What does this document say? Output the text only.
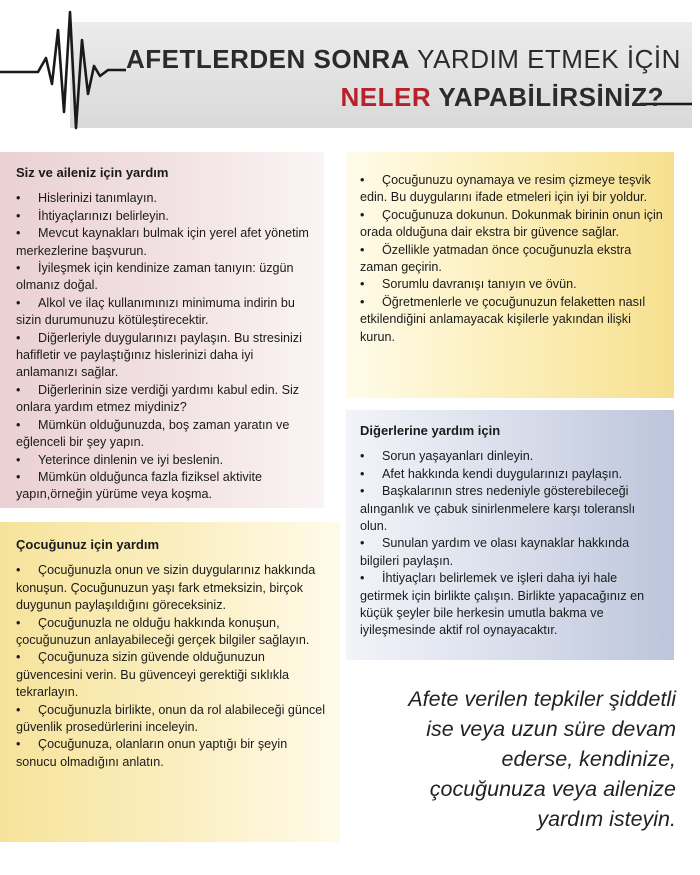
AFETLERDEN SONRA YARDIM ETMEK İÇİN
NELER YAPABİLİRSİNİZ?
Siz ve aileniz için yardım
• Hislerinizi tanımlayın.
• İhtiyaçlarınızı belirleyin.
• Mevcut kaynakları bulmak için yerel afet yönetim merkezlerine başvurun.
• İyileşmek için kendinize zaman tanıyın: üzgün olmanız doğal.
• Alkol ve ilaç kullanımınızı minimuma indirin bu sizin durumunuzu kötüleştirecektir.
• Diğerleriyle duygularınızı paylaşın. Bu stresinizi hafifletir ve paylaştığınız hislerinizi daha iyi anlamanızı sağlar.
• Diğerlerinin size verdiği yardımı kabul edin. Siz onlara yardım etmez miydiniz?
• Mümkün olduğunuzda, boş zaman yaratın ve eğlenceli bir şey yapın.
• Yeterince dinlenin ve iyi beslenin.
• Mümkün olduğunca fazla fiziksel aktivite yapın,örneğin yürüme veya koşma.
Çocuğunuz için yardım
• Çocuğunuzla onun ve sizin duygularınız hakkında konuşun. Çocuğunuzun yaşı fark etmeksizin, birçok duygunun paylaşıldığını göreceksiniz.
• Çocuğunuzla ne olduğu hakkında konuşun, çocuğunuzun anlayabileceği gerçek bilgiler sağlayın.
• Çocuğunuza sizin güvende olduğunuzun güvencesini verin. Bu güvenceyi gerektiği sıklıkla tekrarlayın.
• Çocuğunuzla birlikte, onun da rol alabileceği güncel güvenlik prosedürlerini inceleyin.
• Çocuğunuza, olanların onun yaptığı bir şeyin sonucu olmadığını anlatın.
• Çocuğunuzu oynamaya ve resim çizmeye teşvik edin. Bu duygularını ifade etmeleri için iyi bir yoldur.
• Çocuğunuza dokunun. Dokunmak birinin onun için orada olduğuna dair ekstra bir güvence sağlar.
• Özellikle yatmadan önce çocuğunuzla ekstra zaman geçirin.
• Sorumlu davranışı tanıyın ve övün.
• Öğretmenlerle ve çocuğunuzun felaketten nasıl etkilendiğini anlamayacak kişilerle yakından ilişki kurun.
Diğerlerine yardım için
• Sorun yaşayanları dinleyin.
• Afet hakkında kendi duygularınızı paylaşın.
• Başkalarının stres nedeniyle gösterebileceği alınganlık ve çabuk sinirlenmelere karşı toleranslı olun.
• Sunulan yardım ve olası kaynaklar hakkında bilgileri paylaşın.
• İhtiyaçları belirlemek ve işleri daha iyi hale getirmek için birlikte çalışın. Birlikte yapacağınız en küçük şeyler bile herkesin umutla bakma ve iyileşmesinde aktif rol oynayacaktır.
Afete verilen tepkiler şiddetli ise veya uzun süre devam ederse, kendinize, çocuğunuza veya ailenize yardım isteyin.
